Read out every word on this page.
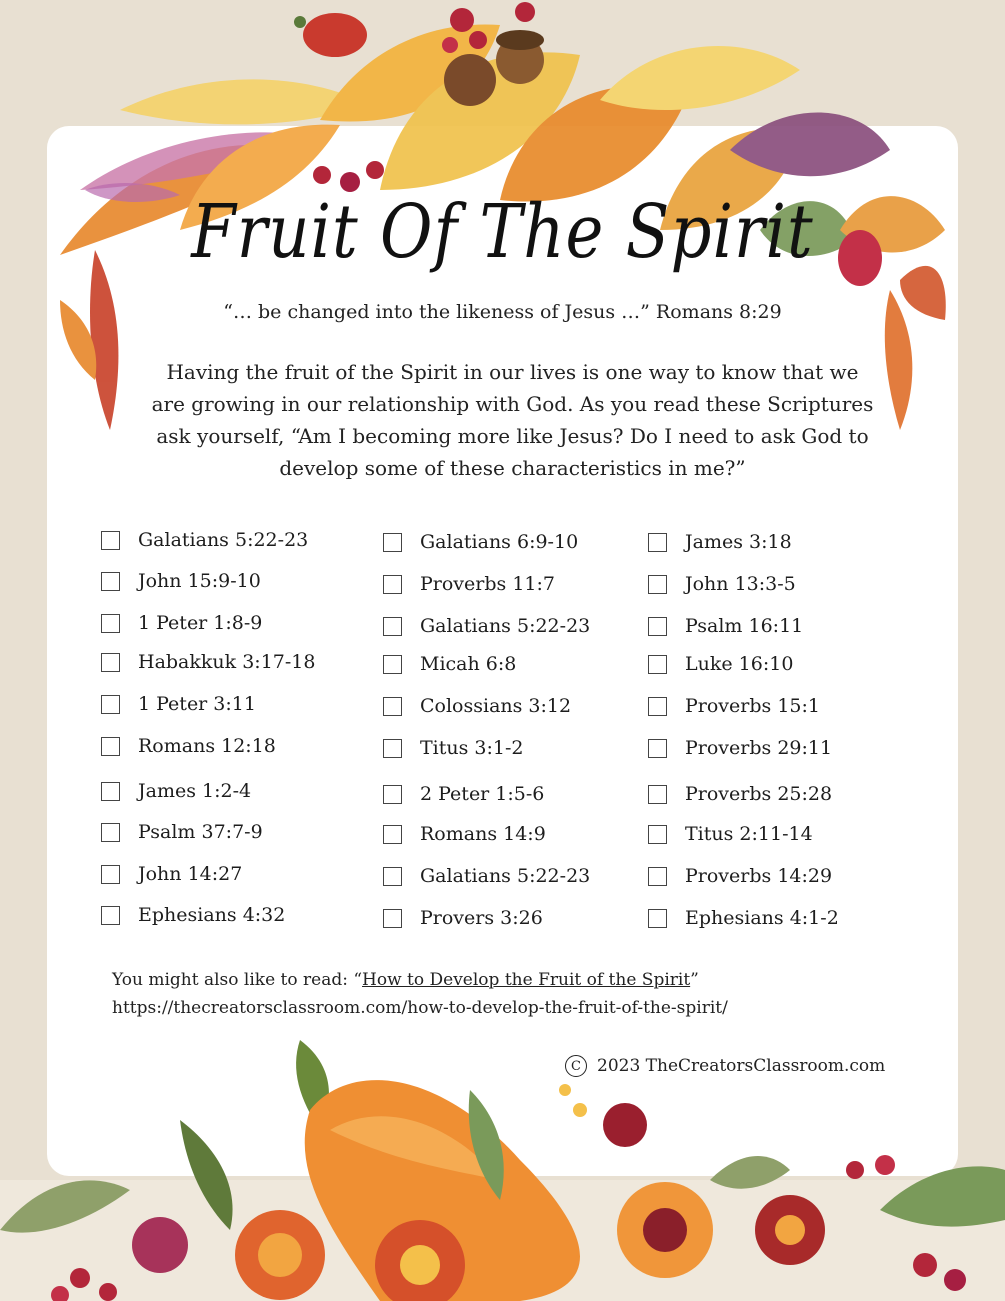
Fruit Of The Spirit
“… be changed into the likeness of Jesus …” Romans 8:29
Having the fruit of the Spirit in our lives is one way to know that we are growing in our relationship with God. As you read these Scriptures ask yourself, “Am I becoming more like Jesus? Do I need to ask God to develop some of these characteristics in me?”
Galatians 5:22-23
John 15:9-10
1 Peter 1:8-9
Habakkuk 3:17-18
1 Peter 3:11
Romans 12:18
James 1:2-4
Psalm 37:7-9
John 14:27
Ephesians 4:32
Galatians 6:9-10
Proverbs 11:7
Galatians 5:22-23
Micah 6:8
Colossians 3:12
Titus 3:1-2
2 Peter 1:5-6
Romans 14:9
Galatians 5:22-23
Provers 3:26
James 3:18
John 13:3-5
Psalm 16:11
Luke 16:10
Proverbs 15:1
Proverbs 29:11
Proverbs 25:28
Titus 2:11-14
Proverbs 14:29
Ephesians 4:1-2
You might also like to read: “How to Develop the Fruit of the Spirit”
https://thecreatorsclassroom.com/how-to-develop-the-fruit-of-the-spirit/
C 2023 TheCreatorsClassroom.com
